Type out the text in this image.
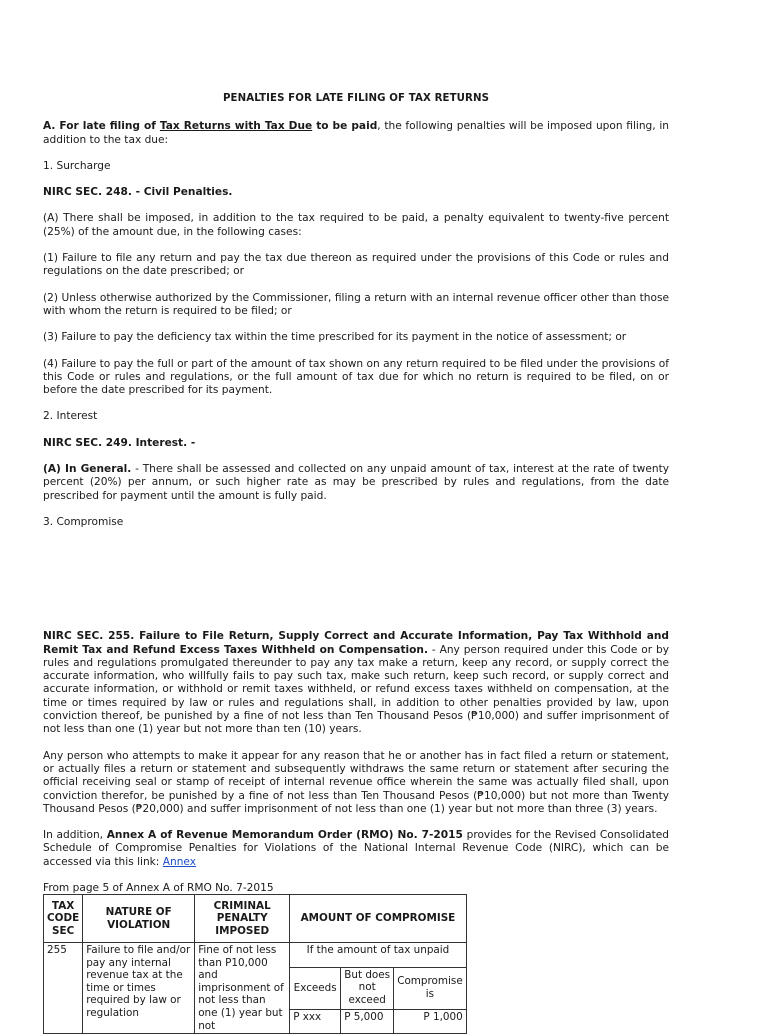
PENALTIES FOR LATE FILING OF TAX RETURNS

A. For late filing of Tax Returns with Tax Due to be paid, the following penalties will be imposed upon filing, in addition to the tax due:

1. Surcharge

NIRC SEC. 248. - Civil Penalties.

(A) There shall be imposed, in addition to the tax required to be paid, a penalty equivalent to twenty-five percent (25%) of the amount due, in the following cases:

(1) Failure to file any return and pay the tax due thereon as required under the provisions of this Code or rules and regulations on the date prescribed; or

(2) Unless otherwise authorized by the Commissioner, filing a return with an internal revenue officer other than those with whom the return is required to be filed; or

(3) Failure to pay the deficiency tax within the time prescribed for its payment in the notice of assessment; or

(4) Failure to pay the full or part of the amount of tax shown on any return required to be filed under the provisions of this Code or rules and regulations, or the full amount of tax due for which no return is required to be filed, on or before the date prescribed for its payment.

2. Interest

NIRC SEC. 249. Interest. -

(A) In General. - There shall be assessed and collected on any unpaid amount of tax, interest at the rate of twenty percent (20%) per annum, or such higher rate as may be prescribed by rules and regulations, from the date prescribed for payment until the amount is fully paid.

3. Compromise

NIRC SEC. 255. Failure to File Return, Supply Correct and Accurate Information, Pay Tax Withhold and Remit Tax and Refund Excess Taxes Withheld on Compensation. - Any person required under this Code or by rules and regulations promulgated thereunder to pay any tax make a return, keep any record, or supply correct the accurate information, who willfully fails to pay such tax, make such return, keep such record, or supply correct and accurate information, or withhold or remit taxes withheld, or refund excess taxes withheld on compensation, at the time or times required by law or rules and regulations shall, in addition to other penalties provided by law, upon conviction thereof, be punished by a fine of not less than Ten Thousand Pesos (₱10,000) and suffer imprisonment of not less than one (1) year but not more than ten (10) years.

Any person who attempts to make it appear for any reason that he or another has in fact filed a return or statement, or actually files a return or statement and subsequently withdraws the same return or statement after securing the official receiving seal or stamp of receipt of internal revenue office wherein the same was actually filed shall, upon conviction therefor, be punished by a fine of not less than Ten Thousand Pesos (₱10,000) but not more than Twenty Thousand Pesos (₱20,000) and suffer imprisonment of not less than one (1) year but not more than three (3) years.

In addition, Annex A of Revenue Memorandum Order (RMO) No. 7-2015 provides for the Revised Consolidated Schedule of Compromise Penalties for Violations of the National Internal Revenue Code (NIRC), which can be accessed via this link: Annex

From page 5 of Annex A of RMO No. 7-2015

TAX CODE SEC	NATURE OF VIOLATION	CRIMINAL PENALTY IMPOSED	AMOUNT OF COMPROMISE		
255	Failure to file and/or pay any internal revenue tax at the time or times required by law or regulation	Fine of not less than P10,000 and imprisonment of not less than one (1) year but not	If the amount of tax unpaid		
			Exceeds	But does not exceed	Compromise is
			P xxx	P 5,000	P 1,000
